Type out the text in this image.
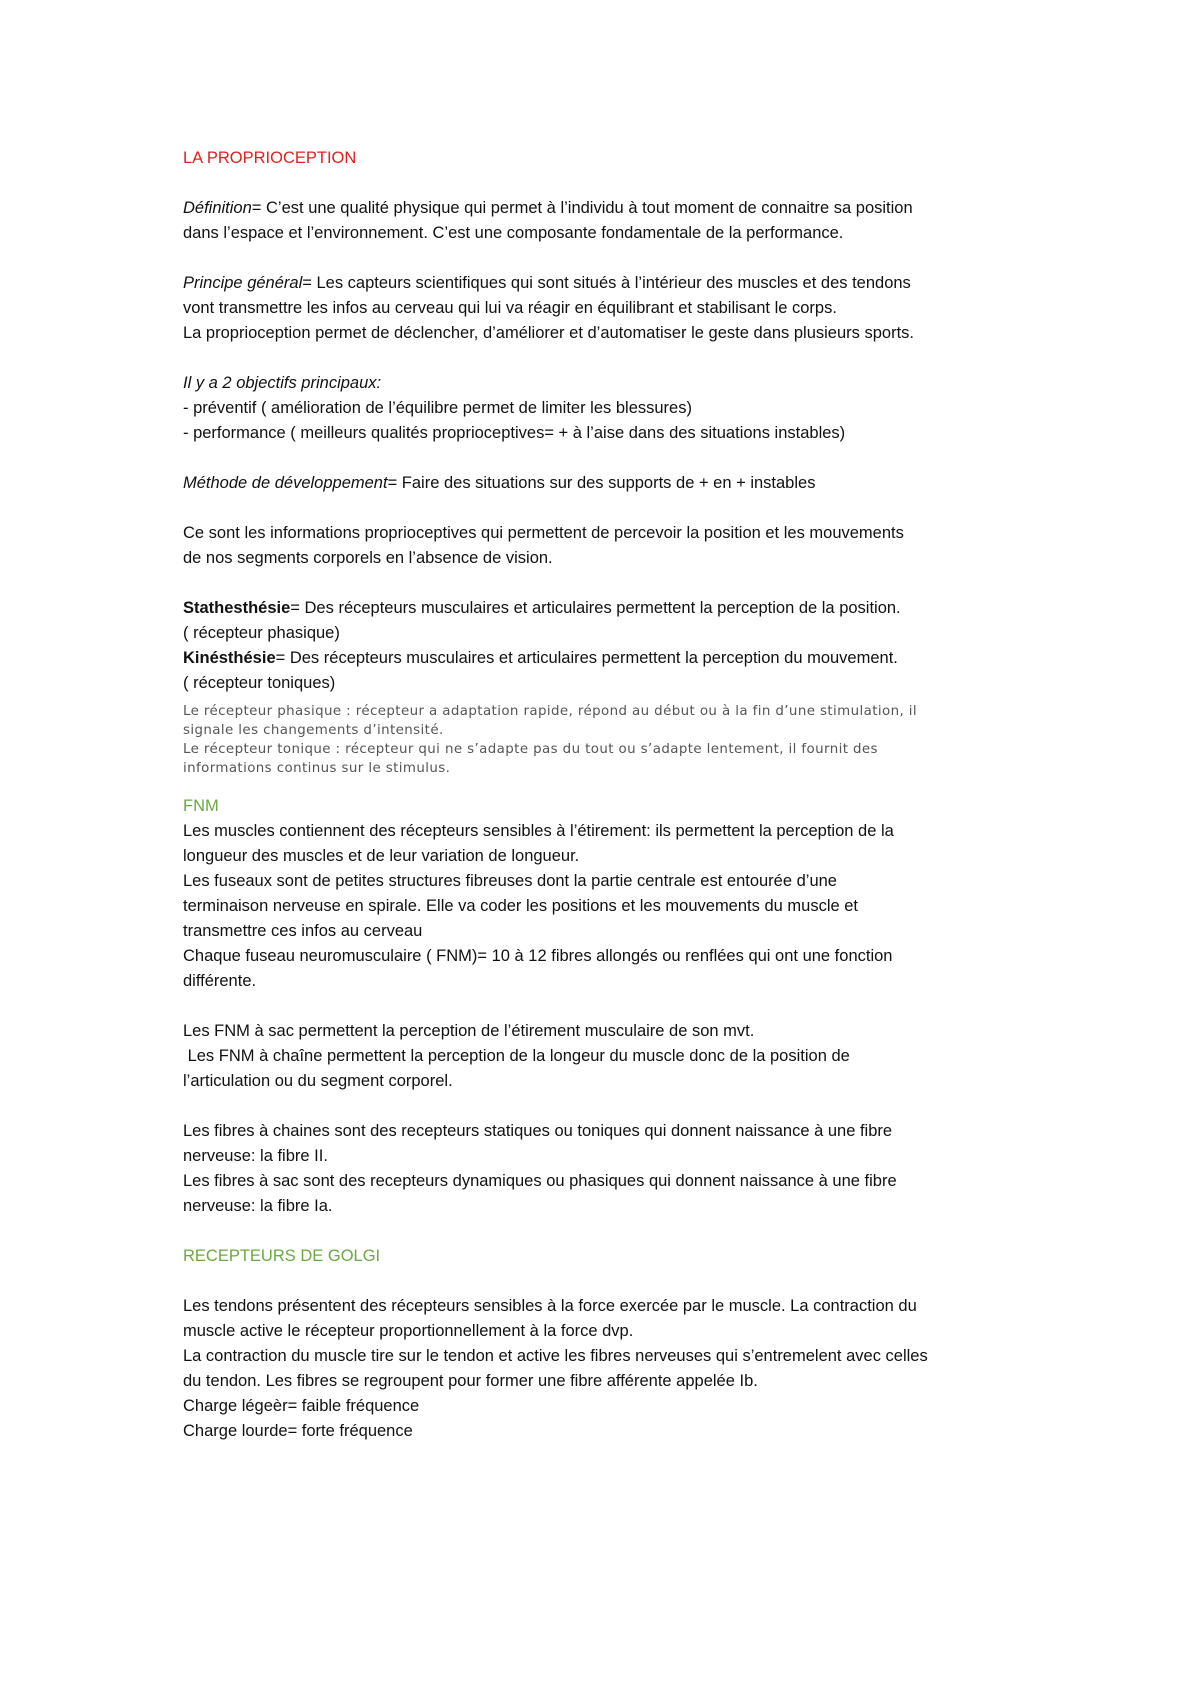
LA PROPRIOCEPTION
Définition= C’est une qualité physique qui permet à l’individu à tout moment de connaitre sa position
dans l’espace et l’environnement. C’est une composante fondamentale de la performance.
Principe général= Les capteurs scientifiques qui sont situés à l’intérieur des muscles et des tendons
vont transmettre les infos au cerveau qui lui va réagir en équilibrant et stabilisant le corps.
La proprioception permet de déclencher, d’améliorer et d’automatiser le geste dans plusieurs sports.
Il y a 2 objectifs principaux:
- préventif ( amélioration de l’équilibre permet de limiter les blessures)
- performance ( meilleurs qualités proprioceptives= + à l’aise dans des situations instables)
Méthode de développement= Faire des situations sur des supports de + en + instables
Ce sont les informations proprioceptives qui permettent de percevoir la position et les mouvements
de nos segments corporels en l’absence de vision.
Stathesthésie= Des récepteurs musculaires et articulaires permettent la perception de la position.
( récepteur phasique)
Kinésthésie= Des récepteurs musculaires et articulaires permettent la perception du mouvement.
( récepteur toniques)
Le récepteur phasique : récepteur a adaptation rapide, répond au début ou à la fin d’une stimulation, il
signale les changements d’intensité.
Le récepteur tonique : récepteur qui ne s’adapte pas du tout ou s’adapte lentement, il fournit des
informations continus sur le stimulus.
FNM
Les muscles contiennent des récepteurs sensibles à l’étirement: ils permettent la perception de la
longueur des muscles et de leur variation de longueur.
Les fuseaux sont de petites structures fibreuses dont la partie centrale est entourée d’une
terminaison nerveuse en spirale. Elle va coder les positions et les mouvements du muscle et
transmettre ces infos au cerveau
Chaque fuseau neuromusculaire ( FNM)= 10 à 12 fibres allongés ou renflées qui ont une fonction
différente.
Les FNM à sac permettent la perception de l’étirement musculaire de son mvt.
Les FNM à chaîne permettent la perception de la longeur du muscle donc de la position de
l’articulation ou du segment corporel.
Les fibres à chaines sont des recepteurs statiques ou toniques qui donnent naissance à une fibre
nerveuse: la fibre II.
Les fibres à sac sont des recepteurs dynamiques ou phasiques qui donnent naissance à une fibre
nerveuse: la fibre Ia.
RECEPTEURS DE GOLGI
Les tendons présentent des récepteurs sensibles à la force exercée par le muscle. La contraction du
muscle active le récepteur proportionnellement à la force dvp.
La contraction du muscle tire sur le tendon et active les fibres nerveuses qui s’entremelent avec celles
du tendon. Les fibres se regroupent pour former une fibre afférente appelée Ib.
Charge légeèr= faible fréquence
Charge lourde= forte fréquence
